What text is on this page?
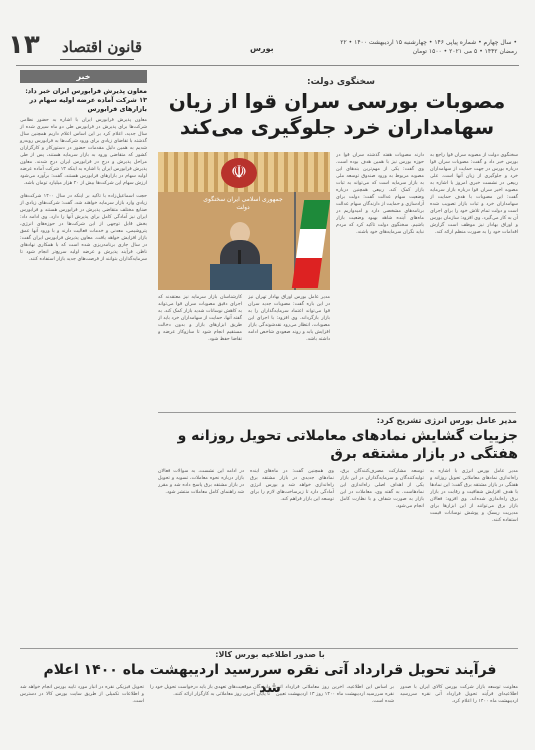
۱۳ قانون اقتصاد	بورس
• سال چهارم • شماره پیاپی ۱۴۶ • چهارشنبه ۱۵ اردیبهشت ۱۴۰۰ • ۲۲ رمضان ۱۴۴۲ • ۵ می ۲۰۲۱ • ۱۵۰۰ تومان
خبر
معاون پذیرش فرابورس ایران خبر داد: ۱۳ شرکت آماده عرضه اولیه سهام در بازارهای فرابورس
معاون پذیرش فرابورس ایران با اشاره به حضور نظامی شرکت‌ها برای پذیرش در فرابورس طی دو ماه سپری شده از سال جدید، اعلام کرد بر این اساس اعلام داریم همچنین سال گذشته با تقاضای زیادی برای ورود شرکت‌ها به فرابورس روبه‌رو شدیم به همین دلیل مقدمات حضور در دستورکار و کارگزاران کشور که متقاضی ورود به بازار سرمایه هستند، پس از طی مراحل پذیرش و درج در فرابورس ایران درج شدند. معاون پذیرش فرابورس ایران با اشاره به اینکه ۱۳ شرکت آماده عرضه اولیه سهام در بازارهای فرابورس هستند، گفت: برآورد می‌شود ارزش سهام این شرکت‌ها بیش از ۲۰ هزار میلیارد تومان باشد.
حجت اسماعیل‌زاده با تاکید بر اینکه در سال ۱۴۰۰ شرکت‌های زیادی وارد بازار سرمایه خواهند شد، گفت: شرکت‌های زیادی از صنایع مختلف متقاضی پذیرش در فرابورس هستند و فرابورس ایران نیز آمادگی کامل برای پذیرش آنها را دارد. وی ادامه داد: بخش قابل توجهی از این شرکت‌ها در حوزه‌های انرژی، پتروشیمی، معدنی و خدمات فعالیت دارند و با ورود آنها عمق بازار افزایش خواهد یافت. معاون پذیرش فرابورس ایران گفت: در سال جاری برنامه‌ریزی شده است که با همکاری نهادهای ناظر، فرآیند پذیرش و عرضه اولیه سریع‌تر انجام شود تا سرمایه‌گذاران بتوانند از فرصت‌های جدید بازار استفاده کنند.
سخنگوی دولت:
مصوبات بورسی سران قوا از زیان سهامداران خرد جلوگیری می‌کند
☫
جمهوری اسلامی ایران سخنگوی دولت
سخنگوی دولت از مصوبه سران قوا راجع به بورس خبر داد و گفت: مصوبات سران قوا درباره بورس در جهت حمایت از سهامداران خرد و جلوگیری از زیان آنها است. علی ربیعی در نشست خبری امروز با اشاره به مصوبه اخیر سران قوا درباره بازار سرمایه گفت: این مصوبات با هدف حمایت از سهامداران خرد و ثبات بازار تصویب شده است و دولت تمام تلاش خود را برای اجرای آن به کار می‌گیرد. وی افزود: سازمان بورس و اوراق بهادار نیز موظف است گزارش اقدامات خود را به صورت منظم ارائه کند.
دارند مصوبات هفته گذشته سران قوا در حوزه بورس نیز با همین هدف بوده است. وی گفت: یکی از مهم‌ترین بندهای این مصوبه مربوط به ورود صندوق توسعه ملی به بازار سرمایه است که می‌تواند به ثبات بازار کمک کند. ربیعی همچنین درباره وضعیت سهام عدالت گفت: دولت برای آزادسازی و حمایت از دارندگان سهام عدالت برنامه‌های مشخصی دارد و امیدواریم در ماه‌های آینده شاهد بهبود وضعیت بازار باشیم. سخنگوی دولت تاکید کرد که مردم نباید نگران سرمایه‌های خود باشند.
مدیر عامل بورس اوراق بهادار تهران نیز در این باره گفت: مصوبات جدید سران قوا می‌تواند اعتماد سرمایه‌گذاران را به بازار بازگرداند. وی افزود: با اجرای این مصوبات، انتظار می‌رود نقدشوندگی بازار افزایش یابد و روند صعودی شاخص ادامه داشته باشد.
کارشناسان بازار سرمایه نیز معتقدند که اجرای دقیق مصوبات سران قوا می‌تواند به کاهش نوسانات شدید بازار کمک کند. به گفته آنها، حمایت از سهامداران خرد باید از طریق ابزارهای بازار و بدون دخالت مستقیم انجام شود تا سازوکار عرضه و تقاضا حفظ شود.
مدیر عامل بورس انرژی تشریح کرد:
جزییات گشایش نمادهای معاملاتی تحویل روزانه و هفتگی در بازار مشتقه برق
مدیر عامل بورس انرژی با اشاره به راه‌اندازی نمادهای معاملاتی تحویل روزانه و هفتگی در بازار مشتقه برق گفت: این نمادها با هدف افزایش شفافیت و رقابت در بازار برق راه‌اندازی شده‌اند. وی افزود: فعالان بازار برق می‌توانند از این ابزارها برای مدیریت ریسک و پوشش نوسانات قیمت استفاده کنند.
توسعه مشارکت مصرف‌کنندگان برق، تولیدکنندگان و سرمایه‌گذاران در این بازار یکی از اهداف اصلی راه‌اندازی این نمادهاست. به گفته وی، معاملات در این بازار به صورت شفاف و با نظارت کامل انجام می‌شود.
وی همچنین گفت: در ماه‌های آینده نمادهای جدیدی در بازار مشتقه برق راه‌اندازی خواهد شد و بورس انرژی آمادگی دارد تا زیرساخت‌های لازم را برای توسعه این بازار فراهم کند.
در ادامه این نشست، به سوالات فعالان بازار درباره نحوه معاملات، تسویه و تحویل در بازار مشتقه برق پاسخ داده شد و مقرر شد راهنمای کامل معاملات منتشر شود.
با صدور اطلاعیه بورس کالا:
فرآیند تحویل قرارداد آتی نقره سررسید اردیبهشت ماه ۱۴۰۰ اعلام شد	معاونت توسعه بازار شرکت بورس کالای ایران با صدور اطلاعیه‌ای فرآیند تحویل قرارداد آتی نقره سررسید اردیبهشت ماه ۱۴۰۰ را اعلام کرد.
بر اساس این اطلاعیه، آخرین روز معاملاتی قرارداد آتی نقره سررسید اردیبهشت ماه ۱۴۰۰ روز ۱۳ اردیبهشت تعیین شده است.
دارندگان موقعیت‌های تعهدی باز باید درخواست تحویل خود را تا پایان آخرین روز معاملاتی به کارگزار ارائه کنند.
تحویل فیزیکی نقره در انبار مورد تایید بورس انجام خواهد شد و اطلاعات تکمیلی از طریق سایت بورس کالا در دسترس است.
